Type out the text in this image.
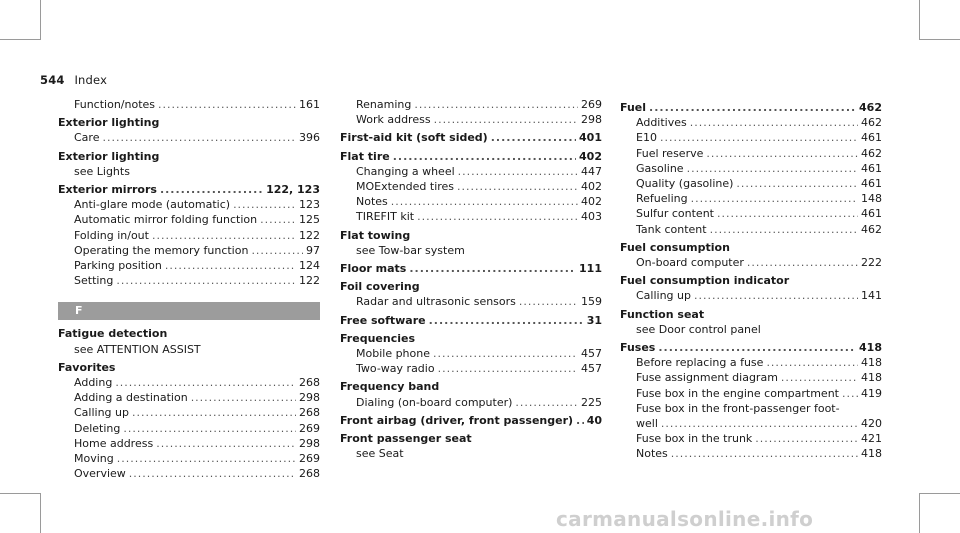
544 Index
Function/notes .....	161
Exterior lighting
Care .....	396
Exterior lighting
see Lights
Exterior mirrors .....	122, 123
Anti-glare mode (automatic) .....	123
Automatic mirror folding function .....	125
Folding in/out .....	122
Operating the memory function .....	97
Parking position .....	124
Setting .....	122
F
Fatigue detection
see ATTENTION ASSIST
Favorites
Adding .....	268
Adding a destination .....	298
Calling up .....	268
Deleting .....	269
Home address .....	298
Moving .....	269
Overview .....	268
Renaming .....	269
Work address .....	298
First-aid kit (soft sided) .....	401
Flat tire .....	402
Changing a wheel .....	447
MOExtended tires .....	402
Notes .....	402
TIREFIT kit .....	403
Flat towing
see Tow-bar system
Floor mats .....	111
Foil covering
Radar and ultrasonic sensors .....	159
Free software .....	31
Frequencies
Mobile phone .....	457
Two-way radio .....	457
Frequency band
Dialing (on-board computer) .....	225
Front airbag (driver, front passenger) ..... 40
Front passenger seat
see Seat
Fuel .....	462
Additives .....	462
E10 .....	461
Fuel reserve .....	462
Gasoline .....	461
Quality (gasoline) .....	461
Refueling .....	148
Sulfur content .....	461
Tank content .....	462
Fuel consumption
On-board computer .....	222
Fuel consumption indicator
Calling up .....	141
Function seat
see Door control panel
Fuses .....	418
Before replacing a fuse .....	418
Fuse assignment diagram .....	418
Fuse box in the engine compartment ..... 419
Fuse box in the front-passenger foot-
well .....	420
Fuse box in the trunk .....	421
Notes .....	418
carmanualsonline.info
